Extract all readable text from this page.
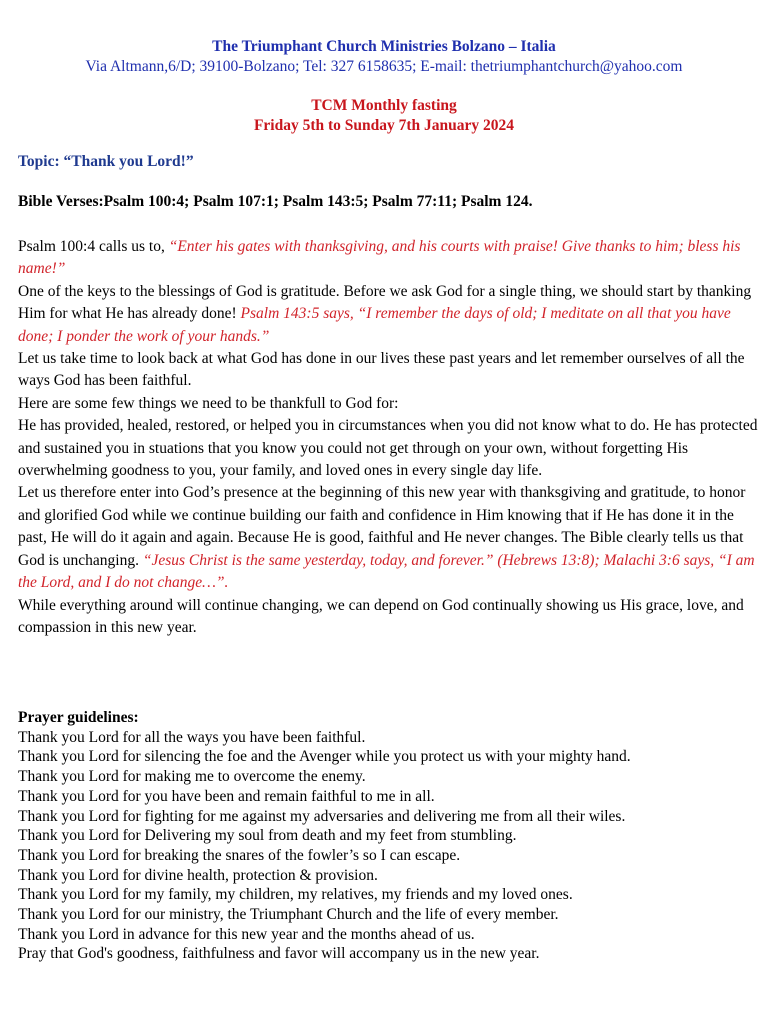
The Triumphant Church Ministries Bolzano – Italia
Via Altmann,6/D; 39100-Bolzano; Tel: 327 6158635; E-mail: thetriumphantchurch@yahoo.com
TCM Monthly fasting
Friday 5th to Sunday 7th January 2024
Topic: “Thank you Lord!”
Bible Verses:Psalm 100:4; Psalm 107:1; Psalm 143:5; Psalm 77:11; Psalm 124.

Psalm 100:4 calls us to, “Enter his gates with thanksgiving, and his courts with praise! Give thanks to him; bless his name!”

One of the keys to the blessings of God is gratitude. Before we ask God for a single thing, we should start by thanking Him for what He has already done! Psalm 143:5 says, “I remember the days of old; I meditate on all that you have done; I ponder the work of your hands.”

Let us take time to look back at what God has done in our lives these past years and let remember ourselves of all the ways God has been faithful.

Here are some few things we need to be thankfull to God for:

He has provided, healed, restored, or helped you in circumstances when you did not know what to do. He has protected and sustained you in stuations that you know you could not get through on your own, without forgetting His overwhelming goodness to you, your family, and loved ones in every single day life.

Let us therefore enter into God’s presence at the beginning of this new year with thanksgiving and gratitude, to honor and glorified God while we continue building our faith and confidence in Him knowing that if He has done it in the past, He will do it again and again. Because He is good, faithful and He never changes. The Bible clearly tells us that God is unchanging. “Jesus Christ is the same yesterday, today, and forever.” (Hebrews 13:8); Malachi 3:6 says, “I am the Lord, and I do not change…”.

While everything around will continue changing, we can depend on God continually showing us His grace, love, and compassion in this new year.

Prayer guidelines:
Thank you Lord for all the ways you have been faithful.
Thank you Lord for silencing the foe and the Avenger while you protect us with your mighty hand.
Thank you Lord for making me to overcome the enemy.
Thank you Lord for you have been and remain faithful to me in all.
Thank you Lord for fighting for me against my adversaries and delivering me from all their wiles.
Thank you Lord for Delivering my soul from death and my feet from stumbling.
Thank you Lord for breaking the snares of the fowler’s so I can escape.
Thank you Lord for divine health, protection & provision.
Thank you Lord for my family, my children, my relatives, my friends and my loved ones.
Thank you Lord for our ministry, the Triumphant Church and the life of every member.
Thank you Lord in advance for this new year and the months ahead of us.
Pray that God's goodness, faithfulness and favor will accompany us in the new year.
